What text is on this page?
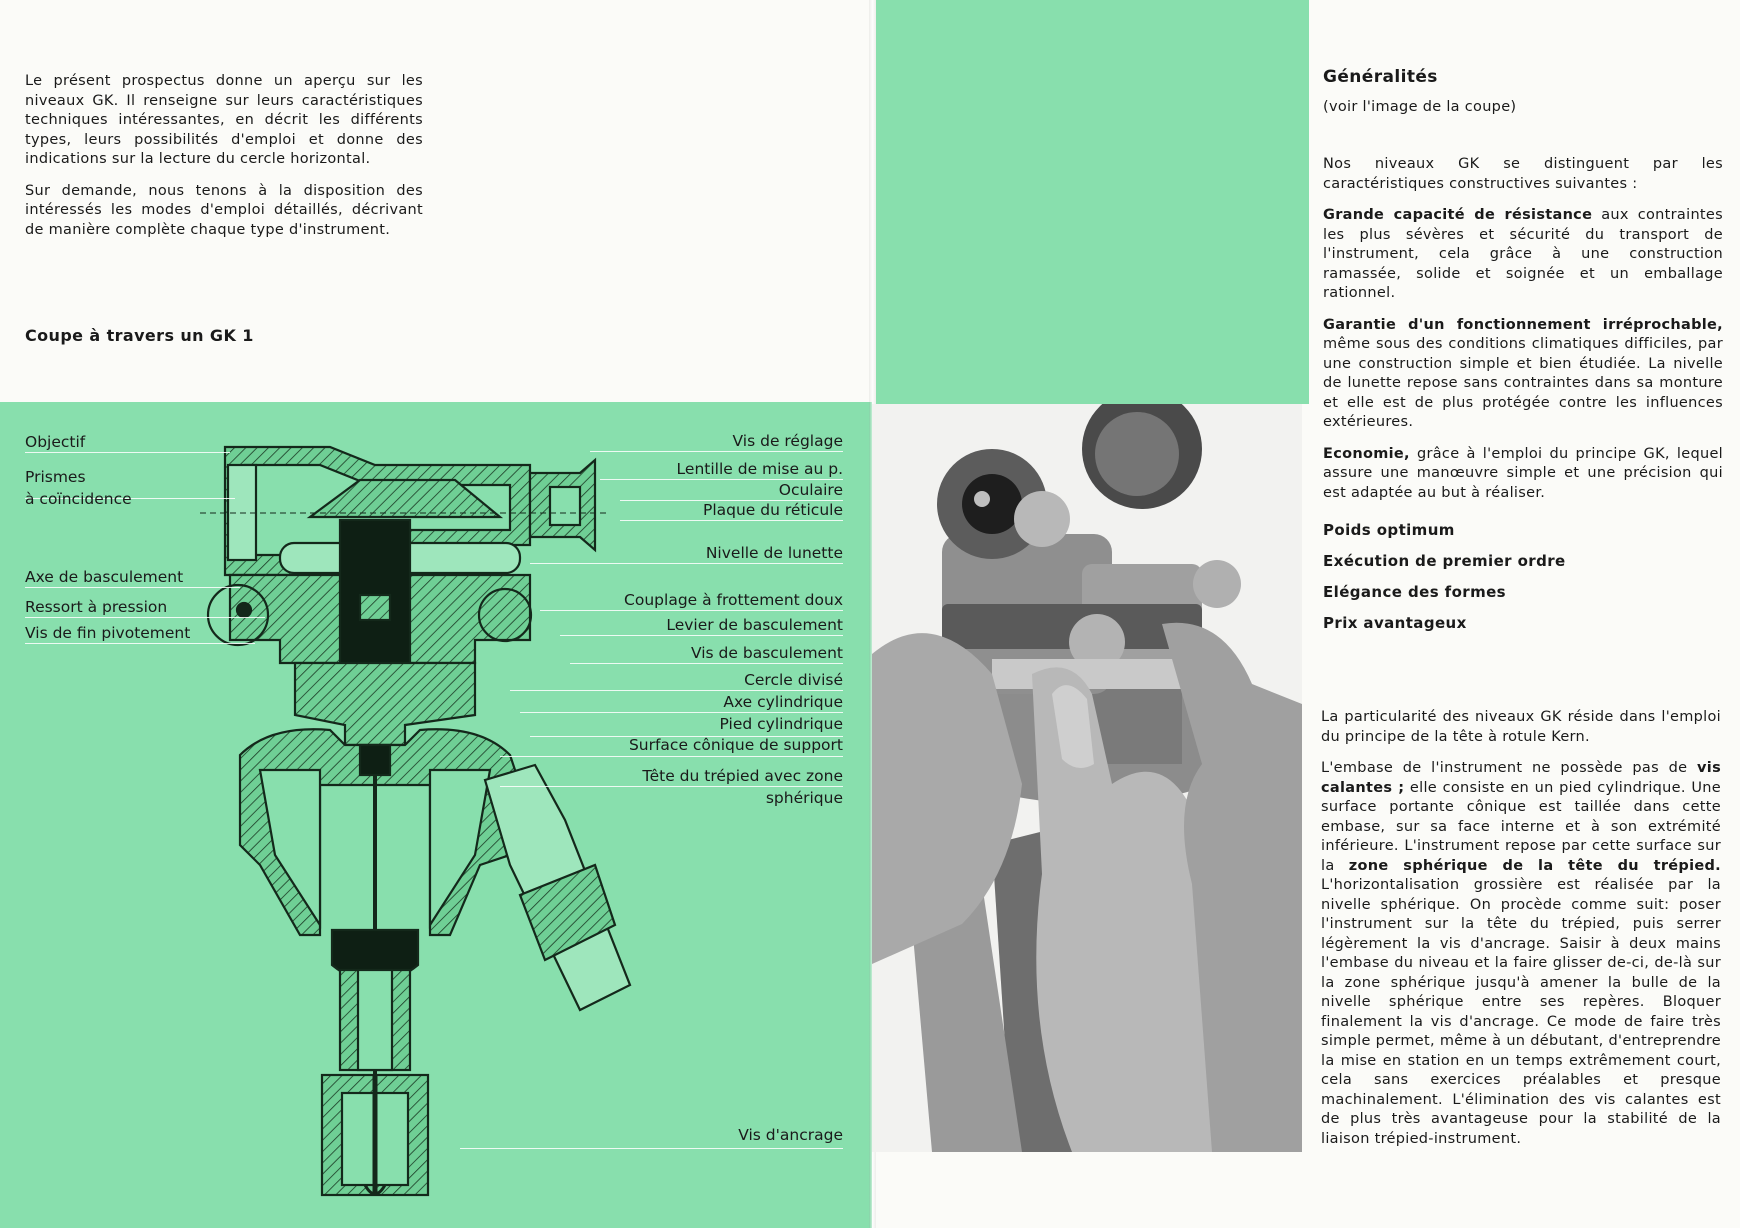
Le présent prospectus donne un aperçu sur les niveaux GK. Il renseigne sur leurs caractéristiques techniques intéressantes, en décrit les différents types, leurs possibilités d'emploi et donne des indications sur la lecture du cercle horizontal.

Sur demande, nous tenons à la disposition des intéressés les modes d'emploi détaillés, décrivant de manière complète chaque type d'instrument.

Coupe à travers un GK 1
Objectif
Prismes
à coïncidence
Axe de basculement
Ressort à pression
Vis de fin pivotement
Vis de réglage
Lentille de mise au p.
Oculaire
Plaque du réticule
Nivelle de lunette
Couplage à frottement doux
Levier de basculement
Vis de basculement
Cercle divisé
Axe cylindrique
Pied cylindrique
Surface cônique de support
Tête du trépied avec zone
sphérique
Vis d'ancrage
Généralités
(voir l'image de la coupe)

Nos niveaux GK se distinguent par les caractéristiques constructives suivantes :

Grande capacité de résistance aux contraintes les plus sévères et sécurité du transport de l'instrument, cela grâce à une construction ramassée, solide et soignée et un emballage rationnel.

Garantie d'un fonctionnement irréprochable, même sous des conditions climatiques difficiles, par une construction simple et bien étudiée. La nivelle de lunette repose sans contraintes dans sa monture et elle est de plus protégée contre les influences extérieures.

Economie, grâce à l'emploi du principe GK, lequel assure une manœuvre simple et une précision qui est adaptée au but à réaliser.

Poids optimum
Exécution de premier ordre
Elégance des formes
Prix avantageux

La particularité des niveaux GK réside dans l'emploi du principe de la tête à rotule Kern.

L'embase de l'instrument ne possède pas de vis calantes ; elle consiste en un pied cylindrique. Une surface portante cônique est taillée dans cette embase, sur sa face interne et à son extrémité inférieure. L'instrument repose par cette surface sur la zone sphérique de la tête du trépied. L'horizontalisation grossière est réalisée par la nivelle sphérique. On procède comme suit: poser l'instrument sur la tête du trépied, puis serrer légèrement la vis d'ancrage. Saisir à deux mains l'embase du niveau et la faire glisser de-ci, de-là sur la zone sphérique jusqu'à amener la bulle de la nivelle sphérique entre ses repères. Bloquer finalement la vis d'ancrage. Ce mode de faire très simple permet, même à un débutant, d'entreprendre la mise en station en un temps extrêmement court, cela sans exercices préalables et presque machinalement. L'élimination des vis calantes est de plus très avantageuse pour la stabilité de la liaison trépied-instrument.
